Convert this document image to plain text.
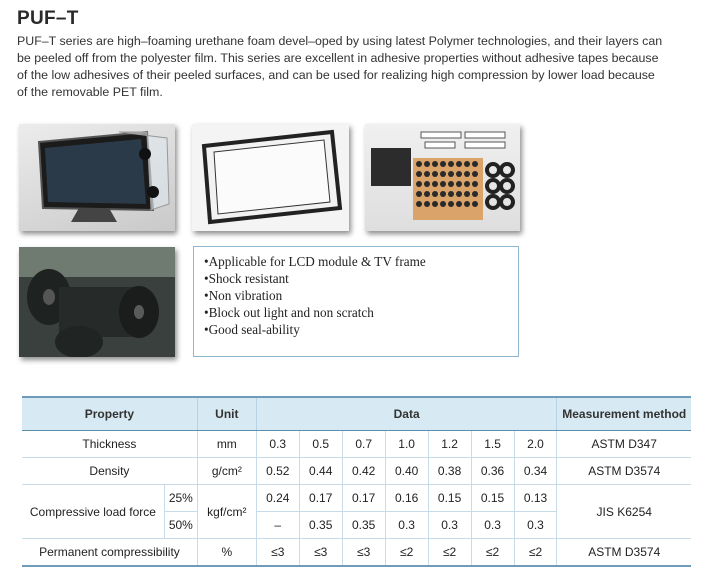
PUF–T
PUF–T series are high–foaming urethane foam devel–oped by using latest Polymer technologies, and their layers can be peeled off from the polyester film. This series are excellent in adhesive properties without adhesive tapes because of the low adhesives of their peeled surfaces, and can be used for realizing high compression by lower load because of the removable PET film.
• Applicable for LCD module & TV frame
• Shock resistant
• Non vibration
• Block out light and non scratch
• Good seal-ability
Property		Unit	Data							Measurement method
Thickness		mm	0.3	0.5	0.7	1.0	1.2	1.5	2.0	ASTM D347
Density		g/cm²	0.52	0.44	0.42	0.40	0.38	0.36	0.34	ASTM D3574
Compressive load force	25%	kgf/cm²	0.24	0.17	0.17	0.16	0.15	0.15	0.13	JIS K6254
	50%		–	0.35	0.35	0.3	0.3	0.3	0.3	
Permanent compressibility		%	≤3	≤3	≤3	≤2	≤2	≤2	≤2	ASTM D3574
